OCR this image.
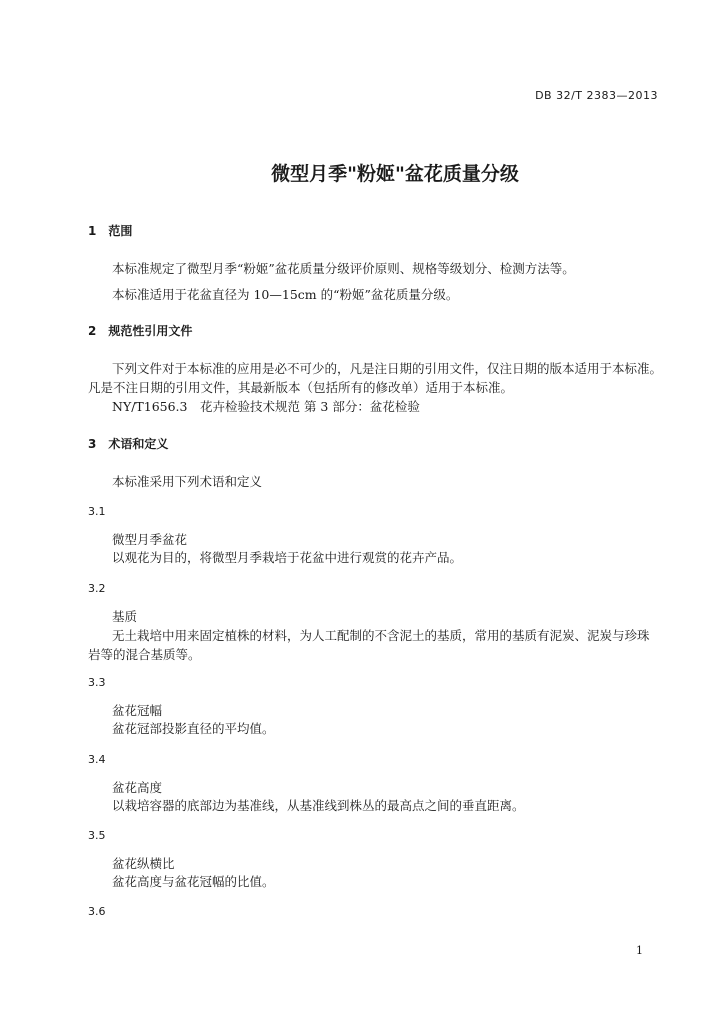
DB 32/T 2383—2013
微型月季"粉姬"盆花质量分级
1　范围
本标准规定了微型月季“粉姬”盆花质量分级评价原则、规格等级划分、检测方法等。
本标准适用于花盆直径为 10—15cm 的“粉姬”盆花质量分级。
2　规范性引用文件
下列文件对于本标准的应用是必不可少的，凡是注日期的引用文件，仅注日期的版本适用于本标准。
凡是不注日期的引用文件，其最新版本（包括所有的修改单）适用于本标准。
NY/T1656.3　花卉检验技术规范 第 3 部分：盆花检验
3　术语和定义
本标准采用下列术语和定义
3.1
微型月季盆花
以观花为目的，将微型月季栽培于花盆中进行观赏的花卉产品。
3.2
基质
无土栽培中用来固定植株的材料，为人工配制的不含泥土的基质，常用的基质有泥炭、泥炭与珍珠
岩等的混合基质等。
3.3
盆花冠幅
盆花冠部投影直径的平均值。
3.4
盆花高度
以栽培容器的底部边为基准线，从基准线到株丛的最高点之间的垂直距离。
3.5
盆花纵横比
盆花高度与盆花冠幅的比值。
3.6
1
